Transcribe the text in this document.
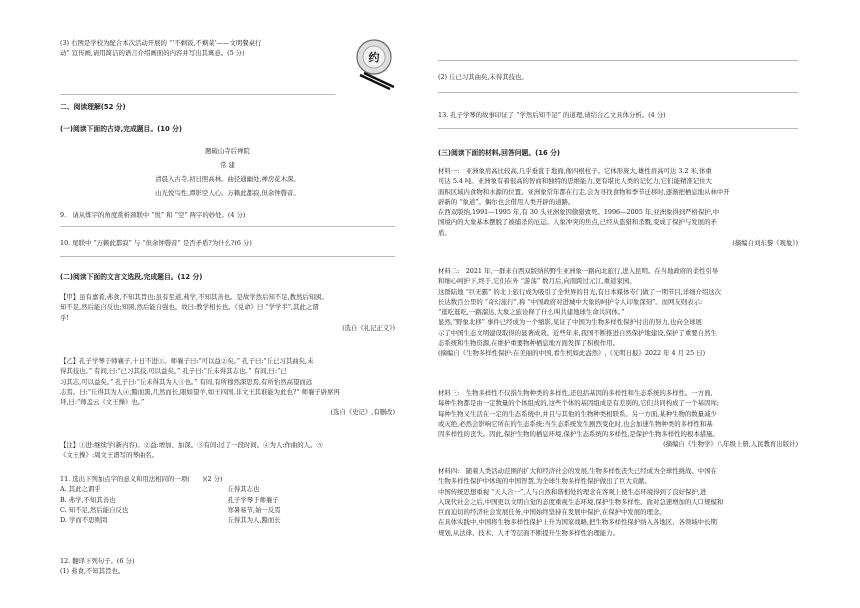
(3) 右图是学校为配合本次活动开展的 “‘不剩饭,不剩菜’——文明餐桌行
动” 宣传画,请用简洁的语言介绍画面的内容并写出其寓意。(5 分)
二、阅读理解(52 分)
(一)阅读下面的古诗,完成题目。(10 分)
题破山寺后禅院
常 建
清晨入古寺,初日照高林。曲径通幽处,禅房花木深。
山光悦鸟性,潭影空人心。万籁此都寂,但余钟磬音。
9.　请从炼字的角度赏析颈联中 “悦” 和 “空” 两字的妙处。(4 分)
10. 尾联中 “万籁此都寂” 与 “但余钟磬音” 是否矛盾?为什么?(6 分)
(二)阅读下面的文言文选段,完成题目。(12 分)
【甲】虽有嘉肴,弗食,不知其旨也;虽有至道,弗学,不知其善也。是故学然后知不足,教然后知困。
知不足,然后能自反也;知困,然后能自强也。故曰:教学相长也。《兑命》曰 “学学半”,其此之谓
乎!
(选自《礼记正义》)
【乙】孔子学琴于师襄子,十日不进①。师襄子曰:“可以益②矣。” 孔子曰:“丘已习其曲矣,未
得其技也。” 有间,曰:“已习其技,可以益矣。” 孔子曰:“丘未得其志也。” 有间,曰:“已
习其志,可以益矣。” 孔子曰:“丘未得其为人③也。” 有间,有所穆然深思焉,有所怡然高望而远
志焉。曰:“丘得其为人④,黯而黑,几然而长,眼如望羊,如王四国,非文王其谁能为此也?” 师襄子辟席再
拜,曰:“师盖云《文王操》也。”
(选自《史记》,有删改)
【注】①进:继续学(新内容)。②益:增加、加深。③有间:过了一段时间。④为人:作曲的人。⑤
《文王操》:周文王谱写的琴曲名。
11. 选出下列加点字的意义和用法相同的一项(　　)(2 分)
A. 其此之谓乎	丘得其志也
B. 弗学,不知其善也	孔子学琴于师襄子
C. 知不足,然后能自反也	寒暑易节,始一反焉
D. 学而不思则罔	丘得其为人,黯而长
12. 翻译下列句子。(6 分)
(1) 弗食,不知其旨也。
约
(2) 丘已习其曲矣,未得其技也。
13. 孔子学琴的故事印证了 “学然后知不足” 的道理,请结合乙文具体分析。(4 分)
(三)阅读下面的材料,回答问题。(16 分)
材料一:　亚洲象肩高比较高,几乎垂直于地面,像四根柱子。它体形庞大,雄性肩高可达 3.2 米,体重
可达 5.4 吨。亚洲象有着很高的智商和独特的思维能力,更有堪比人类的记忆力,它们能精准记住大
面积区域内食物和水源的位置。亚洲象常年都在行走,会为寻找食物和季节迁移时,逐渐把栖息地从林中开
辟新的 “象道”。偶尔也会借用人类开辟的道路。
在西双版纳,1991—1995 年,有 30 头亚洲象因偷猎致死。1996—2005 年,亚洲象得到严格保护,中
国境内的大象基本摆脱了被捕杀的厄运。人象冲突的焦点,已经从盗猎和杀戮,变成了保护与发展的矛
盾。
(摘编自刘东黎《观象》)
材料二:　2021 年,一群来自西双版纳的野生亚洲象一路向北旅行,进入昆明。在当地政府的柔性引导
和细心呵护下,终于,它们在外 “游荡” 数月后,向南跨过元江,重返家园。
这群陆地 “巨无霸” 的北上旅行成为吸引了全世界的目光,有日本媒体专门做了一期节目,详细介绍这次
长达数百公里的 “奇幻旅行”,称 “中国政府对进城中大象的呵护令人印象深刻”。而网友则表示:
“逛吃逛吃,一路溜达,大象之旅诠释了什么叫共建地球生命共同体。”
显然,“野象北移” 事件已经成为一个缩影,见证了中国为生物多样性保护付出的努力,也向全球展
示了中国生态文明建设取得的显著成效。近些年来,我国不断推进自然保护地建设,保护了重要自然生
态系统和生物资源,在维护重要物种栖息地方面发挥了积极作用。
(摘编自《生物多样性保护:在美丽的中国,看生机如此盎然》,《光明日报》2022 年 4 月 25 日)
材料三:　生物多样性不仅指生物种类的多样性,还包括基因的多样性和生态系统的多样性。一方面,
每种生物都是由一定数量的个体组成的,这些个体的基因组成是有差别的,它们共同构成了一个基因库;
每种生物又生活在一定的生态系统中,并且与其他的生物种类相联系。另一方面,某种生物的数量减少
或灭绝,必然会影响它所在的生态系统;当生态系统发生剧烈变化时,也会加速生物种类的多样性和基
因多样性的丧失。因此,保护生物的栖息环境,保护生态系统的多样性,是保护生物多样性的根本措施。
(摘编自《生物学》八年级上册,人民教育出版社)
材料四:　随着人类活动范围的扩大和经济社会的发展,生物多样性丧失已经成为全球性挑战。中国在
生物多样性保护中体现的中国智慧,为全球生物多样性保护做出了巨大贡献。
中国传统思想重视 “天人合一”,人与自然和谐相处的理念在客观上使生态环境得到了良好保护,进
入现代社会之后,中国更以文明自觉的态度重视生态环境,保护生物多样性。面对急速增加的人口规模和
巨而迫切的经济社会发展任务,中国始终坚持在发展中保护,在保护中发展的理念。
在具体实践中,中国将生物多样性保护上升为国家战略,把生物多样性保护纳入各地区、各领域中长期
规划,从法律、技术、人才等层面不断提升生物多样性治理能力。
